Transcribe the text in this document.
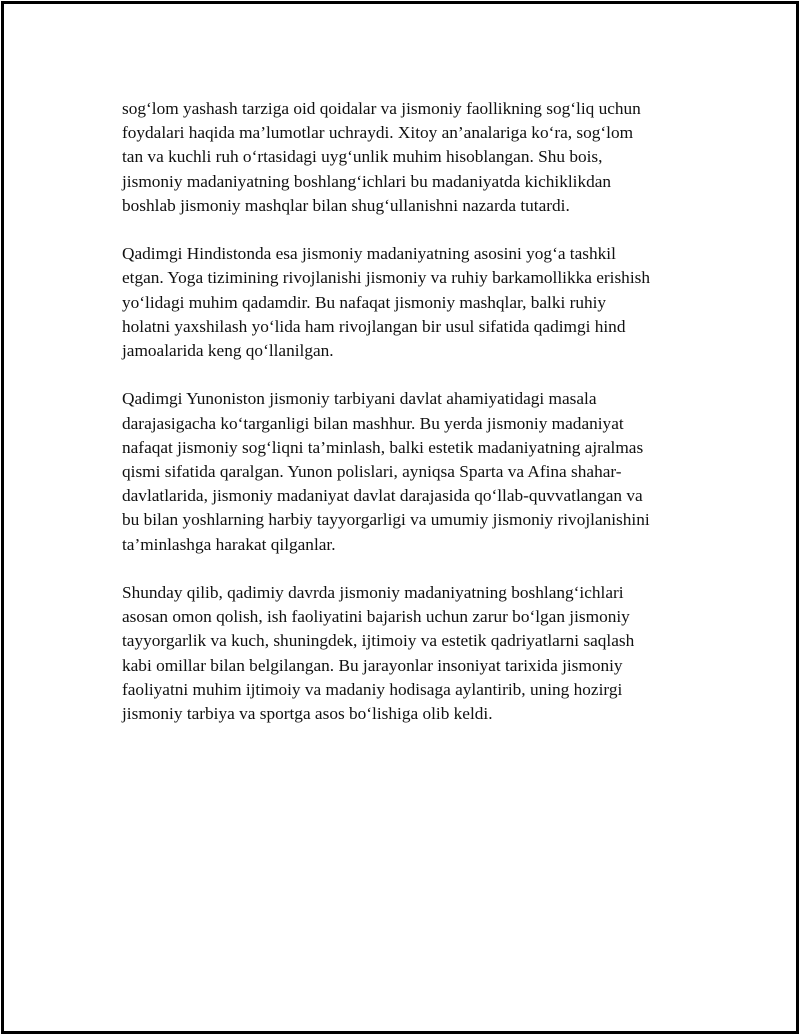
sog‘lom yashash tarziga oid qoidalar va jismoniy faollikning sog‘liq uchun
foydalari haqida ma’lumotlar uchraydi. Xitoy an’analariga ko‘ra, sog‘lom
tan va kuchli ruh o‘rtasidagi uyg‘unlik muhim hisoblangan. Shu bois,
jismoniy madaniyatning boshlang‘ichlari bu madaniyatda kichiklikdan
boshlab jismoniy mashqlar bilan shug‘ullanishni nazarda tutardi.

Qadimgi Hindistonda esa jismoniy madaniyatning asosini yog‘a tashkil
etgan. Yoga tizimining rivojlanishi jismoniy va ruhiy barkamollikka erishish
yo‘lidagi muhim qadamdir. Bu nafaqat jismoniy mashqlar, balki ruhiy
holatni yaxshilash yo‘lida ham rivojlangan bir usul sifatida qadimgi hind
jamoalarida keng qo‘llanilgan.

Qadimgi Yunoniston jismoniy tarbiyani davlat ahamiyatidagi masala
darajasigacha ko‘targanligi bilan mashhur. Bu yerda jismoniy madaniyat
nafaqat jismoniy sog‘liqni ta’minlash, balki estetik madaniyatning ajralmas
qismi sifatida qaralgan. Yunon polislari, ayniqsa Sparta va Afina shahar-
davlatlarida, jismoniy madaniyat davlat darajasida qo‘llab-quvvatlangan va
bu bilan yoshlarning harbiy tayyorgarligi va umumiy jismoniy rivojlanishini
ta’minlashga harakat qilganlar.

Shunday qilib, qadimiy davrda jismoniy madaniyatning boshlang‘ichlari
asosan omon qolish, ish faoliyatini bajarish uchun zarur bo‘lgan jismoniy
tayyorgarlik va kuch, shuningdek, ijtimoiy va estetik qadriyatlarni saqlash
kabi omillar bilan belgilangan. Bu jarayonlar insoniyat tarixida jismoniy
faoliyatni muhim ijtimoiy va madaniy hodisaga aylantirib, uning hozirgi
jismoniy tarbiya va sportga asos bo‘lishiga olib keldi.
